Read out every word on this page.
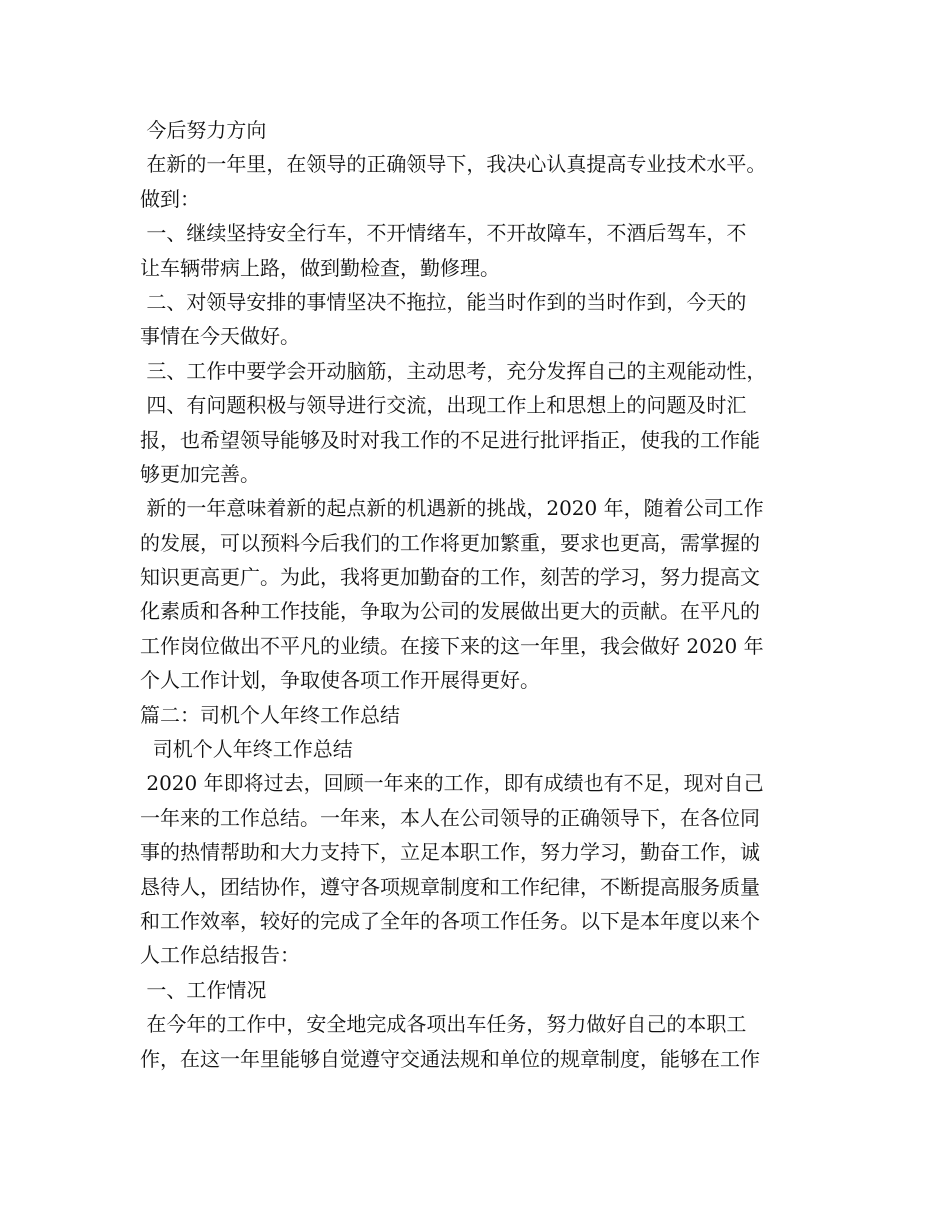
今后努力方向
在新的一年里，在领导的正确领导下，我决心认真提高专业技术水平。
做到：
一、继续坚持安全行车，不开情绪车，不开故障车，不酒后驾车，不
让车辆带病上路，做到勤检查，勤修理。
二、对领导安排的事情坚决不拖拉，能当时作到的当时作到，今天的
事情在今天做好。
三、工作中要学会开动脑筋，主动思考，充分发挥自己的主观能动性，
四、有问题积极与领导进行交流，出现工作上和思想上的问题及时汇
报，也希望领导能够及时对我工作的不足进行批评指正，使我的工作能
够更加完善。
新的一年意味着新的起点新的机遇新的挑战，2020 年，随着公司工作
的发展，可以预料今后我们的工作将更加繁重，要求也更高，需掌握的
知识更高更广。为此，我将更加勤奋的工作，刻苦的学习，努力提高文
化素质和各种工作技能，争取为公司的发展做出更大的贡献。在平凡的
工作岗位做出不平凡的业绩。在接下来的这一年里，我会做好 2020 年
个人工作计划，争取使各项工作开展得更好。
篇二：司机个人年终工作总结
司机个人年终工作总结
2020 年即将过去，回顾一年来的工作，即有成绩也有不足，现对自己
一年来的工作总结。一年来，本人在公司领导的正确领导下，在各位同
事的热情帮助和大力支持下，立足本职工作，努力学习，勤奋工作，诚
恳待人，团结协作，遵守各项规章制度和工作纪律，不断提高服务质量
和工作效率，较好的完成了全年的各项工作任务。以下是本年度以来个
人工作总结报告：
一、工作情况
在今年的工作中，安全地完成各项出车任务，努力做好自己的本职工
作，在这一年里能够自觉遵守交通法规和单位的规章制度，能够在工作
